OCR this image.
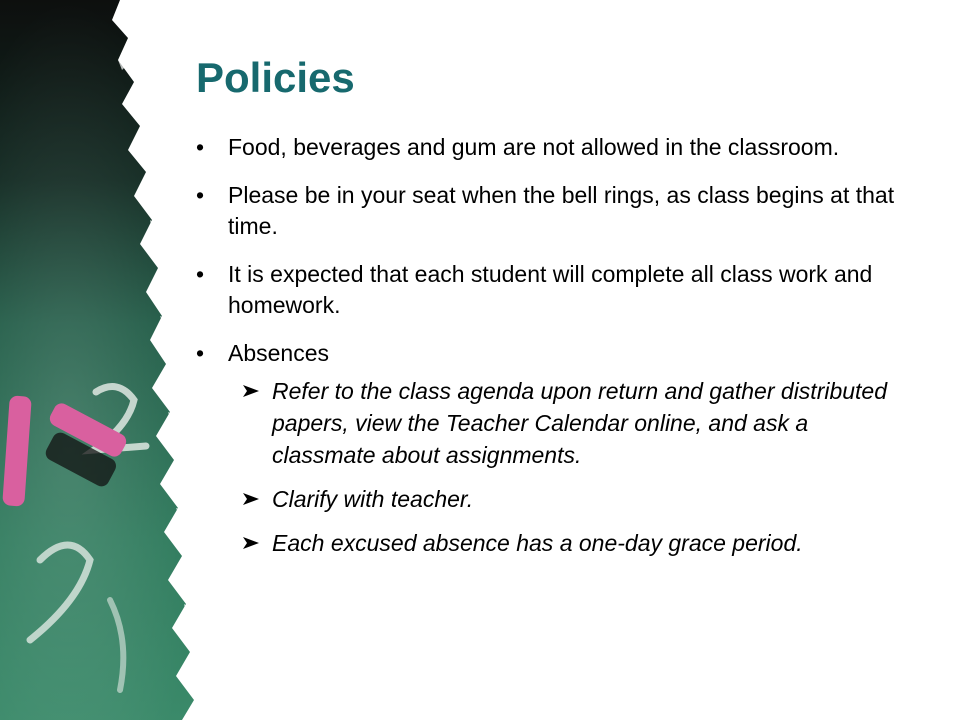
Policies
• Food, beverages and gum are not allowed in the classroom.
• Please be in your seat when the bell rings, as class begins at that time.
• It is expected that each student will complete all class work and homework.
• Absences
Refer to the class agenda upon return and gather distributed papers, view the Teacher Calendar online, and ask a classmate about assignments.
Clarify with teacher.
Each excused absence has a one-day grace period.
